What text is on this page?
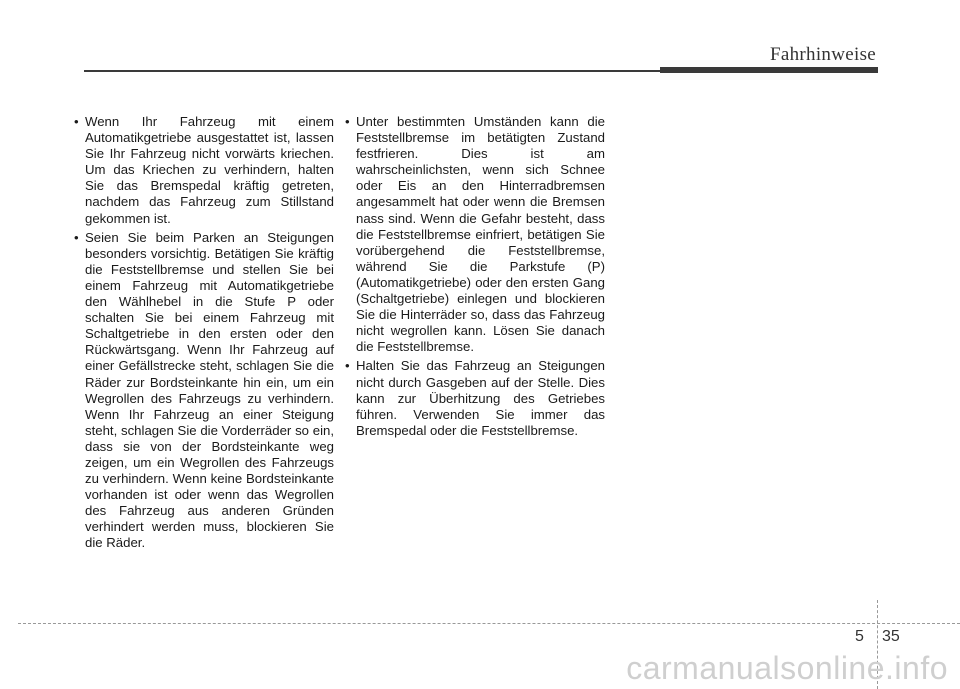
Fahrhinweise
• Wenn Ihr Fahrzeug mit einem Automatikgetriebe ausgestattet ist, lassen Sie Ihr Fahrzeug nicht vorwärts kriechen. Um das Kriechen zu verhindern, halten Sie das Bremspedal kräftig getreten, nachdem das Fahrzeug zum Stillstand gekommen ist.
• Seien Sie beim Parken an Steigungen besonders vorsichtig. Betätigen Sie kräftig die Feststellbremse und stellen Sie bei einem Fahrzeug mit Automatikgetriebe den Wählhebel in die Stufe P oder schalten Sie bei einem Fahrzeug mit Schaltgetriebe in den ersten oder den Rückwärtsgang. Wenn Ihr Fahrzeug auf einer Gefällstrecke steht, schlagen Sie die Räder zur Bordsteinkante hin ein, um ein Wegrollen des Fahrzeugs zu verhindern. Wenn Ihr Fahrzeug an einer Steigung steht, schlagen Sie die Vorderräder so ein, dass sie von der Bordsteinkante weg zeigen, um ein Wegrollen des Fahrzeugs zu verhindern. Wenn keine Bordsteinkante vorhanden ist oder wenn das Wegrollen des Fahrzeug aus anderen Gründen verhindert werden muss, blockieren Sie die Räder.
• Unter bestimmten Umständen kann die Feststellbremse im betätigten Zustand festfrieren. Dies ist am wahrscheinlichsten, wenn sich Schnee oder Eis an den Hinterradbremsen angesammelt hat oder wenn die Bremsen nass sind. Wenn die Gefahr besteht, dass die Feststellbremse einfriert, betätigen Sie vorübergehend die Feststellbremse, während Sie die Parkstufe (P) (Automatikgetriebe) oder den ersten Gang (Schaltgetriebe) einlegen und blockieren Sie die Hinterräder so, dass das Fahrzeug nicht wegrollen kann. Lösen Sie danach die Feststellbremse.
• Halten Sie das Fahrzeug an Steigungen nicht durch Gasgeben auf der Stelle. Dies kann zur Überhitzung des Getriebes führen. Verwenden Sie immer das Bremspedal oder die Feststellbremse.
5 35
carmanualsonline.info
